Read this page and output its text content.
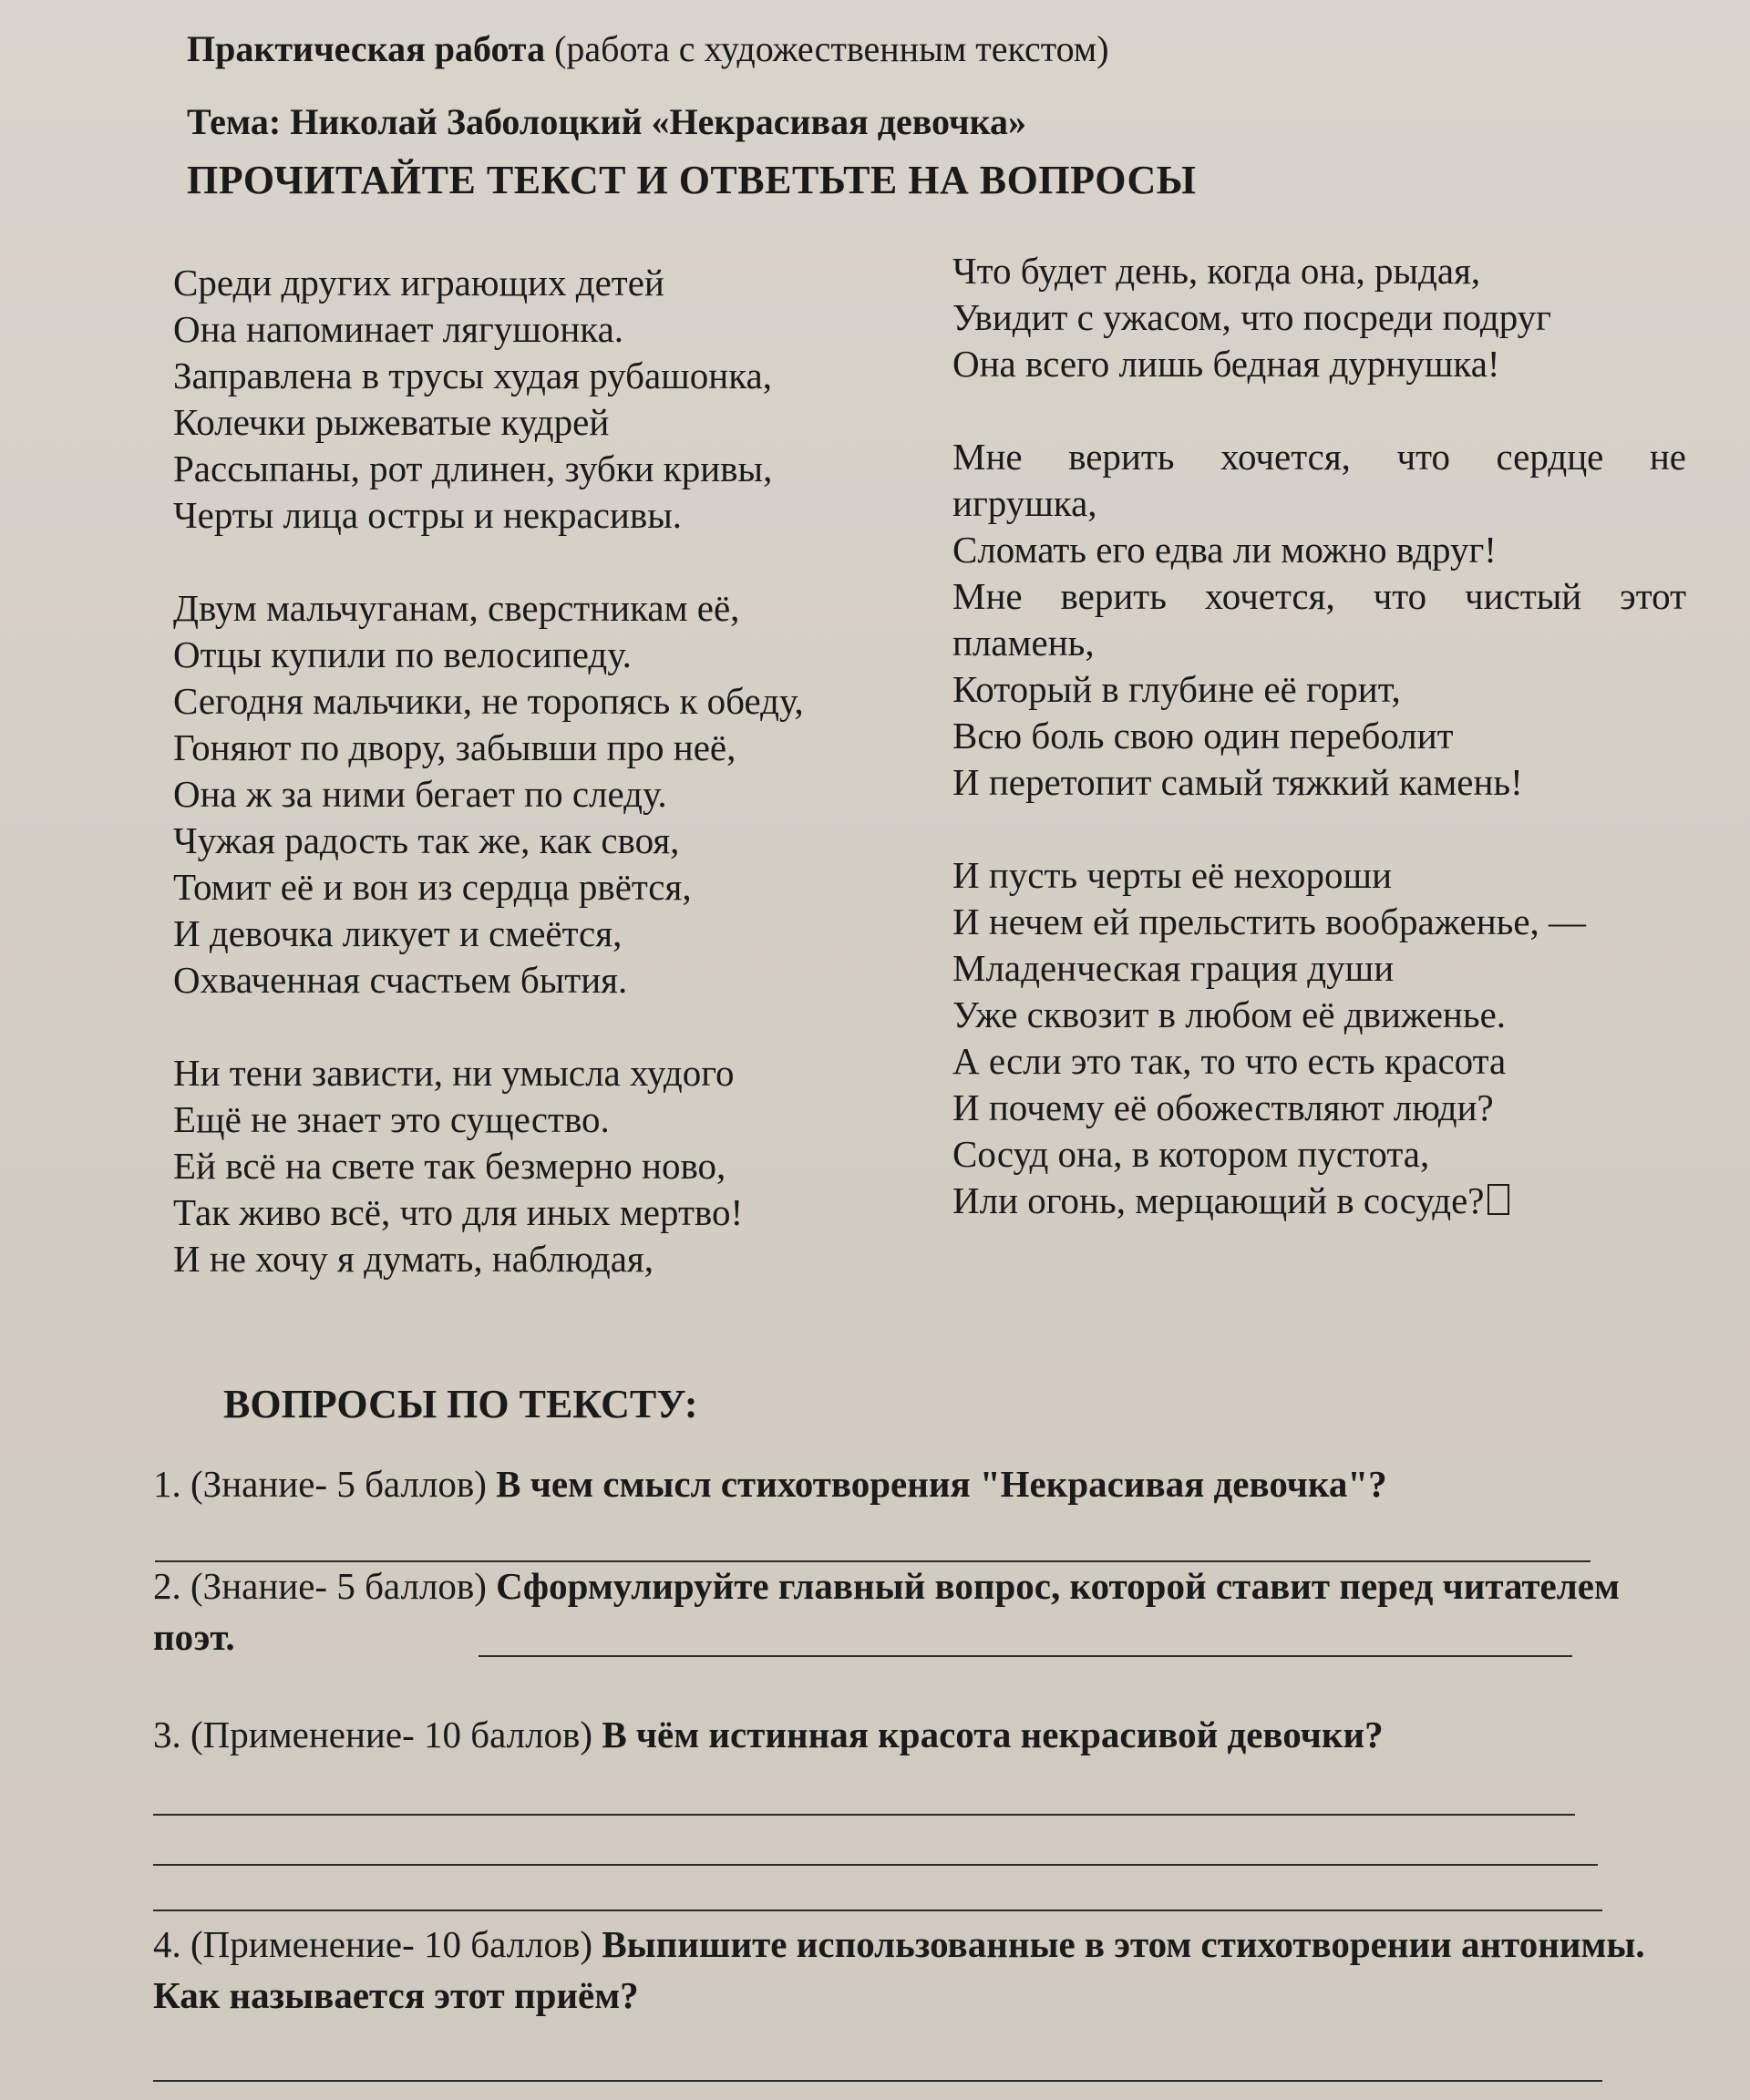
Практическая работа (работа с художественным текстом)
Тема: Николай Заболоцкий «Некрасивая девочка»
ПРОЧИТАЙТЕ ТЕКСТ И ОТВЕТЬТЕ НА ВОПРОСЫ
Среди других играющих детей
Она напоминает лягушонка.
Заправлена в трусы худая рубашонка,
Колечки рыжеватые кудрей
Рассыпаны, рот длинен, зубки кривы,
Черты лица остры и некрасивы.
Двум мальчуганам, сверстникам её,
Отцы купили по велосипеду.
Сегодня мальчики, не торопясь к обеду,
Гоняют по двору, забывши про неё,
Она ж за ними бегает по следу.
Чужая радость так же, как своя,
Томит её и вон из сердца рвётся,
И девочка ликует и смеётся,
Охваченная счастьем бытия.
Ни тени зависти, ни умысла худого
Ещё не знает это существо.
Ей всё на свете так безмерно ново,
Так живо всё, что для иных мертво!
И не хочу я думать, наблюдая,
Что будет день, когда она, рыдая,
Увидит с ужасом, что посреди подруг
Она всего лишь бедная дурнушка!
Мне верить хочется, что сердце не
игрушка,
Сломать его едва ли можно вдруг!
Мне верить хочется, что чистый этот
пламень,
Который в глубине её горит,
Всю боль свою один переболит
И перетопит самый тяжкий камень!
И пусть черты её нехороши
И нечем ей прельстить воображенье, —
Младенческая грация души
Уже сквозит в любом её движенье.
А если это так, то что есть красота
И почему её обожествляют люди?
Сосуд она, в котором пустота,
Или огонь, мерцающий в сосуде?
ВОПРОСЫ ПО ТЕКСТУ:
1. (Знание- 5 баллов) В чем смысл стихотворения "Некрасивая девочка"?
2. (Знание- 5 баллов) Сформулируйте главный вопрос, которой ставит перед читателем поэт.
3. (Применение- 10 баллов) В чём истинная красота некрасивой девочки?
4. (Применение- 10 баллов) Выпишите использованные в этом стихотворении антонимы. Как называется этот приём?
